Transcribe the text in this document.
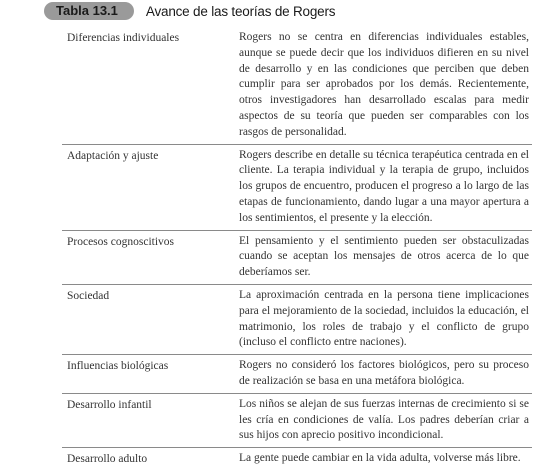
Tabla 13.1	Avance de las teorías de Rogers
Diferencias individuales	Rogers no se centra en diferencias individuales estables, aunque se puede decir que los individuos difieren en su nivel de desarrollo y en las condiciones que perciben que deben cumplir para ser aprobados por los demás. Recientemente, otros investigadores han desarrollado escalas para medir aspectos de su teoría que pueden ser comparables con los rasgos de personalidad.
Adaptación y ajuste	Rogers describe en detalle su técnica terapéutica centrada en el cliente. La terapia individual y la terapia de grupo, incluidos los grupos de encuentro, producen el progreso a lo largo de las etapas de funcionamiento, dando lugar a una mayor apertura a los sentimientos, el presente y la elección.
Procesos cognoscitivos	El pensamiento y el sentimiento pueden ser obstaculizadas cuando se aceptan los mensajes de otros acerca de lo que deberíamos ser.
Sociedad	La aproximación centrada en la persona tiene implicaciones para el mejoramiento de la sociedad, incluidos la educación, el matrimonio, los roles de trabajo y el conflicto de grupo (incluso el conflicto entre naciones).
Influencias biológicas	Rogers no consideró los factores biológicos, pero su proceso de realización se basa en una metáfora biológica.
Desarrollo infantil	Los niños se alejan de sus fuerzas internas de crecimiento si se les cría en condiciones de valía. Los padres deberían criar a sus hijos con aprecio positivo incondicional.
Desarrollo adulto	La gente puede cambiar en la vida adulta, volverse más libre.
